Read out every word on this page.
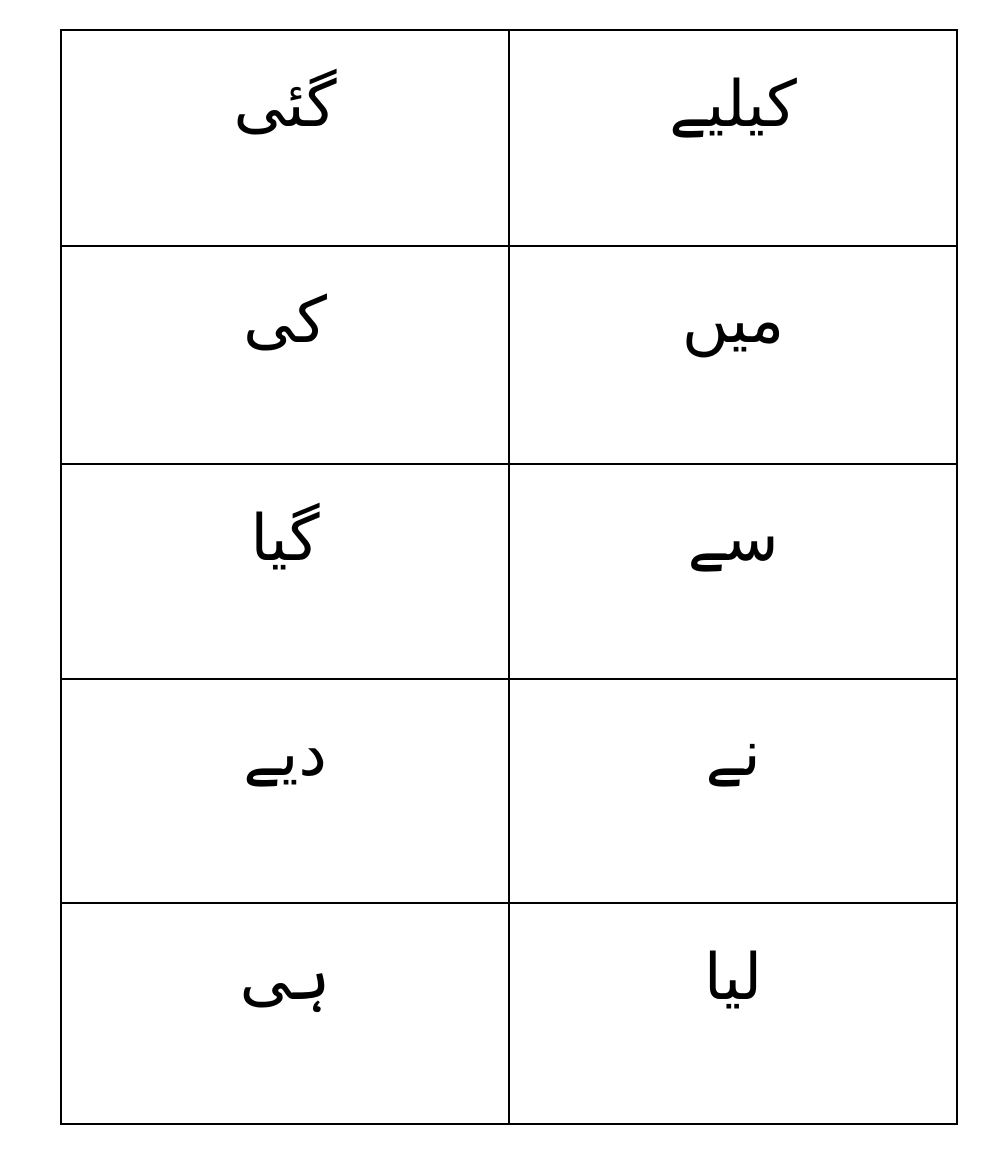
کیلیے	گئی

میں	کی

سے	گیا

نے	دیے

لیا	ہی
